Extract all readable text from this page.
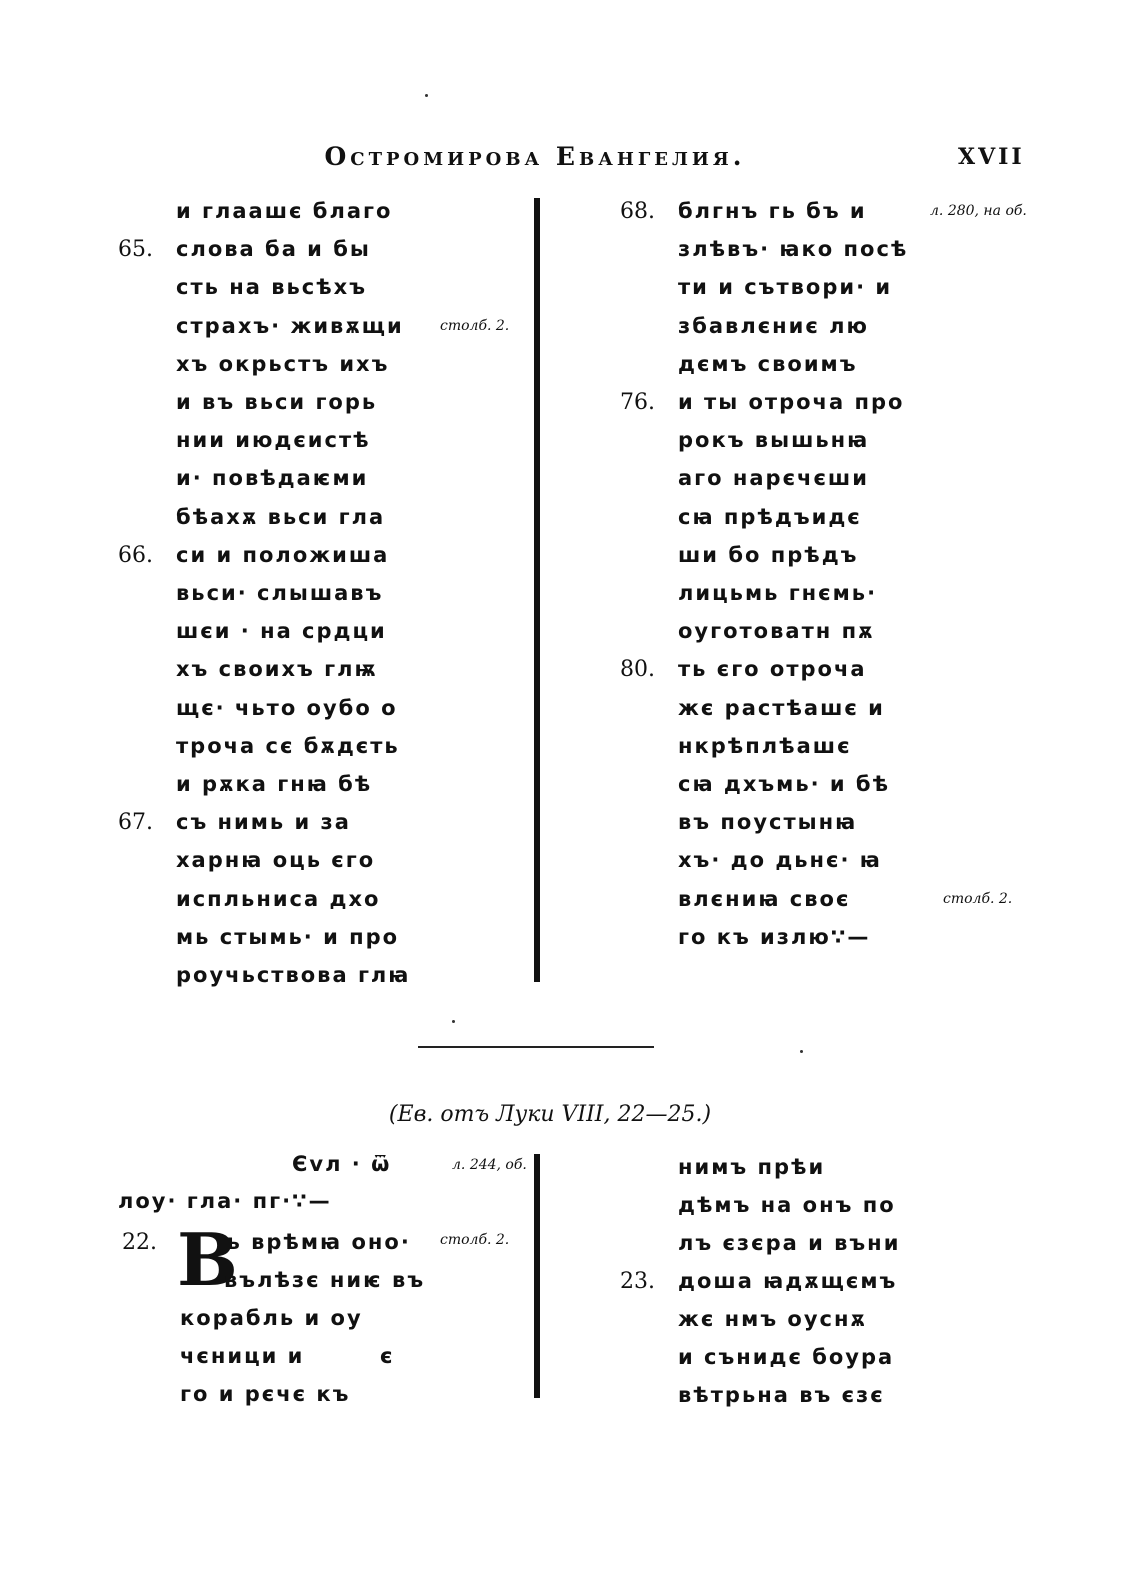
Остромирова Евангелия.	XVII
и глаашє благо
слова ба и бы
сть на вьсѣхъ
страхъ· живѫщи
хъ окрьстъ ихъ
и въ вьси горь
нии июдєистѣ
и· повѣдаѥми
бѣахѫ вьси гла
си и положиша
вьси· слышавъ
шєи · на срдци
хъ своихъ глѭ
щє· чьто оубо о
троча сє бѫдєть
и рѫка гнꙗ бѣ
съ нимь и за
харнꙗ оць єго
испльниса дхо
мь стымь· и про
роучьствова глꙗ
65.
66.
67.
блгнъ гь бъ и
злѣвъ· ꙗко посѣ
ти и сътвори· и
збавлєниє лю
дємъ своимъ
и ты отроча про
рокъ вышьнꙗ
аго нарєчєши
сꙗ прѣдъидє
ши бо прѣдъ
лицьмь гнємь·
оуготоватн пѫ
ть єго отроча
жє растѣашє и
нкрѣплѣашє
сꙗ дхъмь· и бѣ
въ поустынꙗ
хъ· до дьнє· ꙗ
влєниꙗ своє
го къ излю∵—
68.
76.
80.
столб. 2.
л. 280, на об.
столб. 2.
(Ев. отъ Луки VIII, 22—25.)
Єvл · ѿ
лоу· гла· пг·∵—
л. 244, об.
столб. 2.
В
ъ врѣмꙗ оно·
вълѣзє ниѥ въ
корабль и оу
чєници и
го и рєчє къ
22.
є
нимъ прѣи
дѣмъ на онъ по
лъ єзєра и въни
доша ꙗдѫщємъ
жє нмъ оуснѫ
и сънидє боура
вѣтрьна въ єзє
23.
